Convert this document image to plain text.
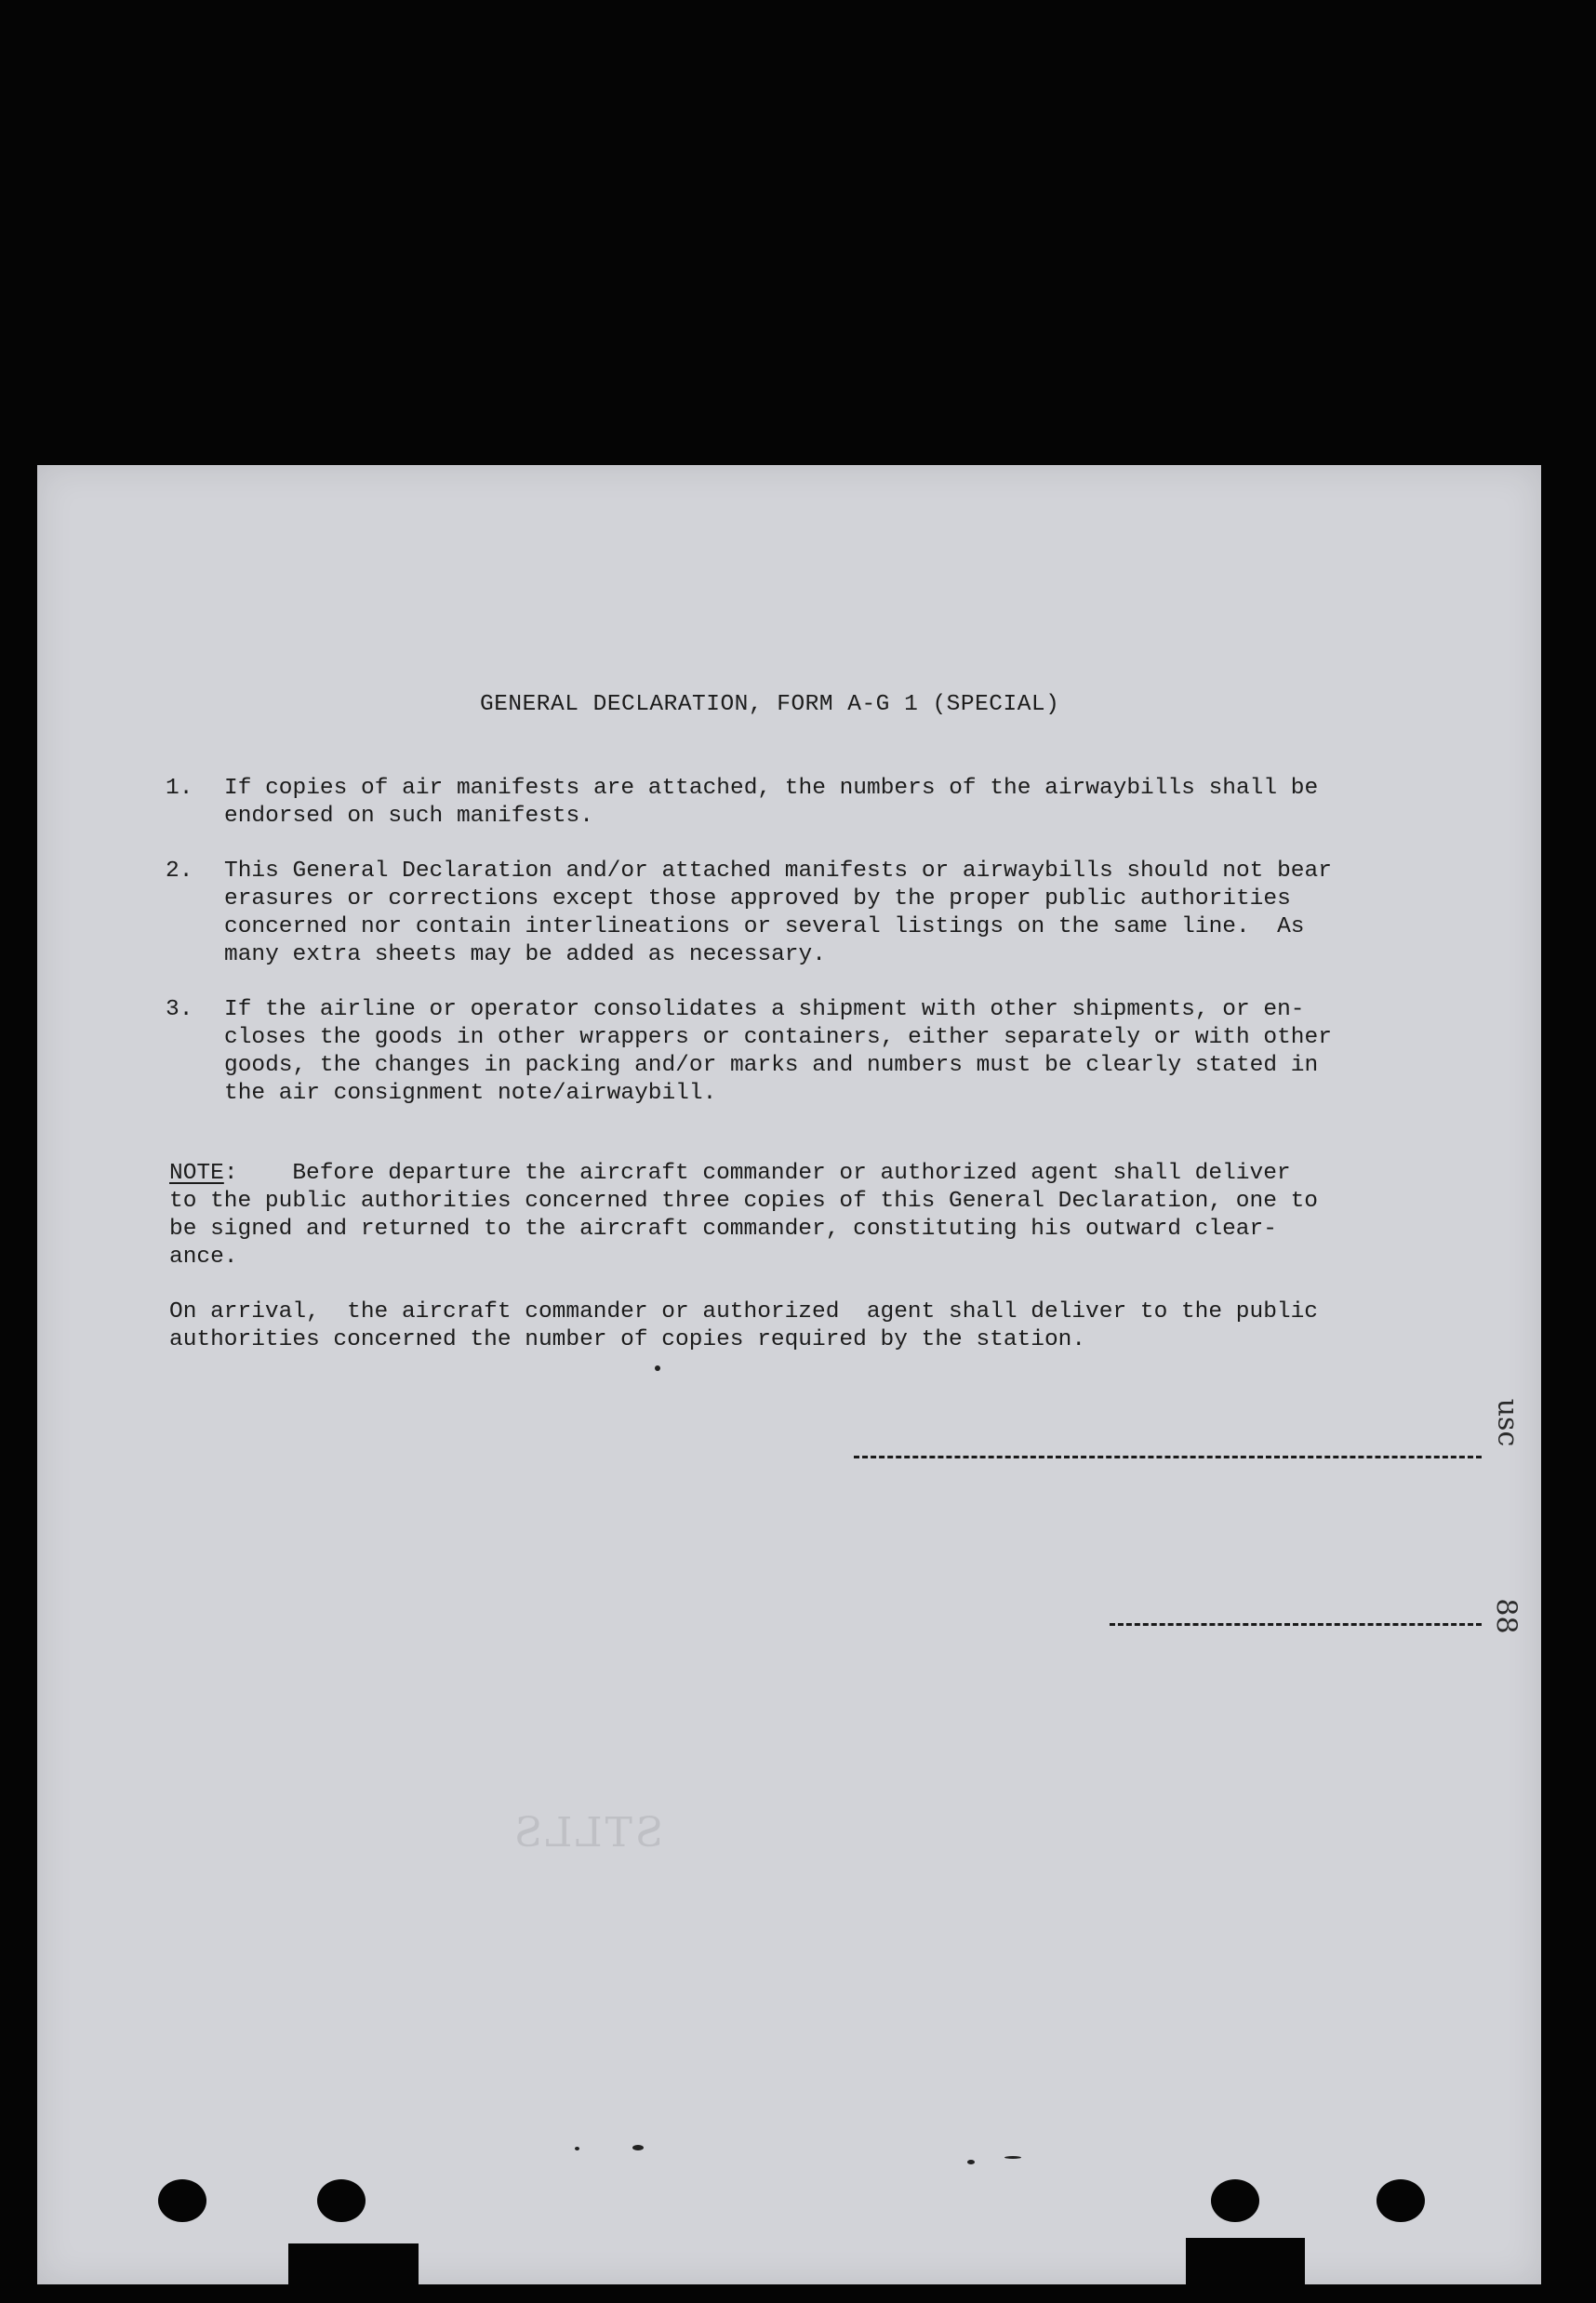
GENERAL DECLARATION, FORM A-G 1 (SPECIAL)
1. If copies of air manifests are attached, the numbers of the airwaybills shall be
endorsed on such manifests.
2. This General Declaration and/or attached manifests or airwaybills should not bear
erasures or corrections except those approved by the proper public authorities
concerned nor contain interlineations or several listings on the same line.  As
many extra sheets may be added as necessary.
3. If the airline or operator consolidates a shipment with other shipments, or en-
closes the goods in other wrappers or containers, either separately or with other
goods, the changes in packing and/or marks and numbers must be clearly stated in
the air consignment note/airwaybill.
NOTE:    Before departure the aircraft commander or authorized agent shall deliver
to the public authorities concerned three copies of this General Declaration, one to
be signed and returned to the aircraft commander, constituting his outward clear-
ance.
On arrival,  the aircraft commander or authorized  agent shall deliver to the public
authorities concerned the number of copies required by the station.
usc
88
STLLS
